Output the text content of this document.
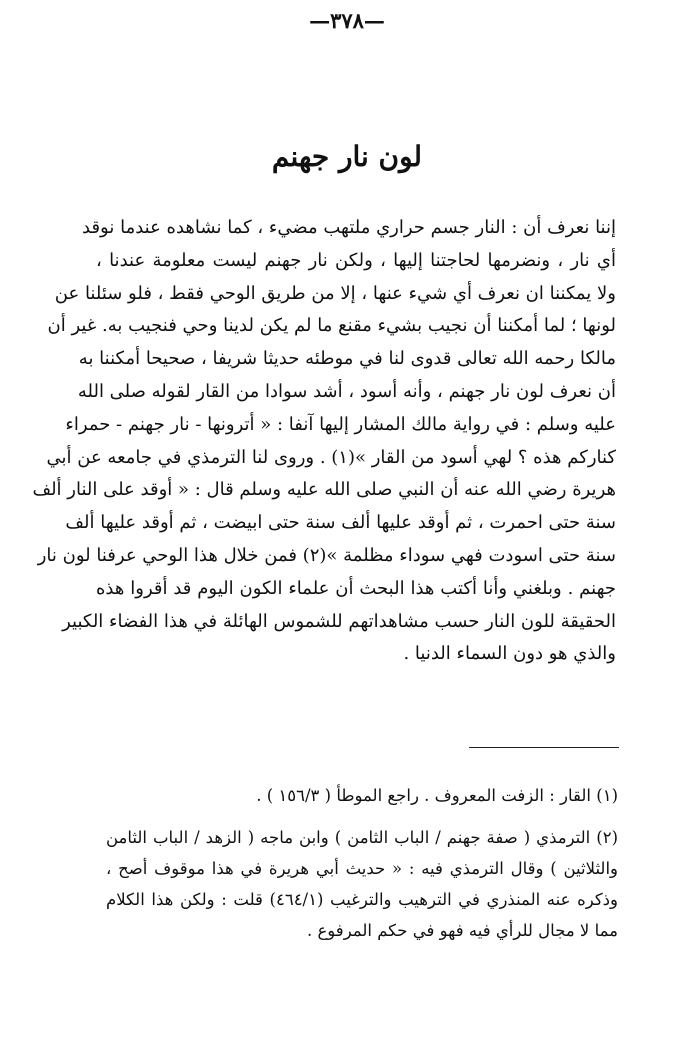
—٣٧٨—
لون نار جهنم
إننا نعرف أن : النار جسم حراري ملتهب مضيء ، كما نشاهده عندما نوقد
أي نار ، ونضرمها لحاجتنا إليها ، ولكن نار جهنم ليست معلومة عندنا ،
ولا يمكننا ان نعرف أي شيء عنها ، إلا من طريق الوحي فقط ، فلو سئلنا عن
لونها ؛ لما أمكننا أن نجيب بشيء مقنع ما لم يكن لدينا وحي فنجيب به. غير أن
مالكا رحمه الله تعالى قدوى لنا في موطئه حديثا شريفا ، صحيحا أمكننا به
أن نعرف لون نار جهنم ، وأنه أسود ، أشد سوادا من القار لقوله صلى الله
عليه وسلم : في رواية مالك المشار إليها آنفا : « أترونها - نار جهنم - حمراء
كناركم هذه ؟ لهي أسود من القار »(١) . وروى لنا الترمذي في جامعه عن أبي
هريرة رضي الله عنه أن النبي صلى الله عليه وسلم قال : « أوقد على النار ألف
سنة حتى احمرت ، ثم أوقد عليها ألف سنة حتى ابيضت ، ثم أوقد عليها ألف
سنة حتى اسودت فهي سوداء مظلمة »(٢) فمن خلال هذا الوحي عرفنا لون نار
جهنم . وبلغني وأنا أكتب هذا البحث أن علماء الكون اليوم قد أقروا هذه
الحقيقة للون النار حسب مشاهداتهم للشموس الهائلة في هذا الفضاء الكبير
والذي هو دون السماء الدنيا .
(١) القار : الزفت المعروف . راجع الموطأ ( ١٥٦/٣ ) .
(٢) الترمذي ( صفة جهنم / الباب الثامن ) وابن ماجه ( الزهد / الباب الثامن
والثلاثين ) وقال الترمذي فيه : « حديث أبي هريرة في هذا موقوف أصح ،
وذكره عنه المنذري في الترهيب والترغيب (٤٦٤/١) قلت : ولكن هذا الكلام
مما لا مجال للرأي فيه فهو في حكم المرفوع .
